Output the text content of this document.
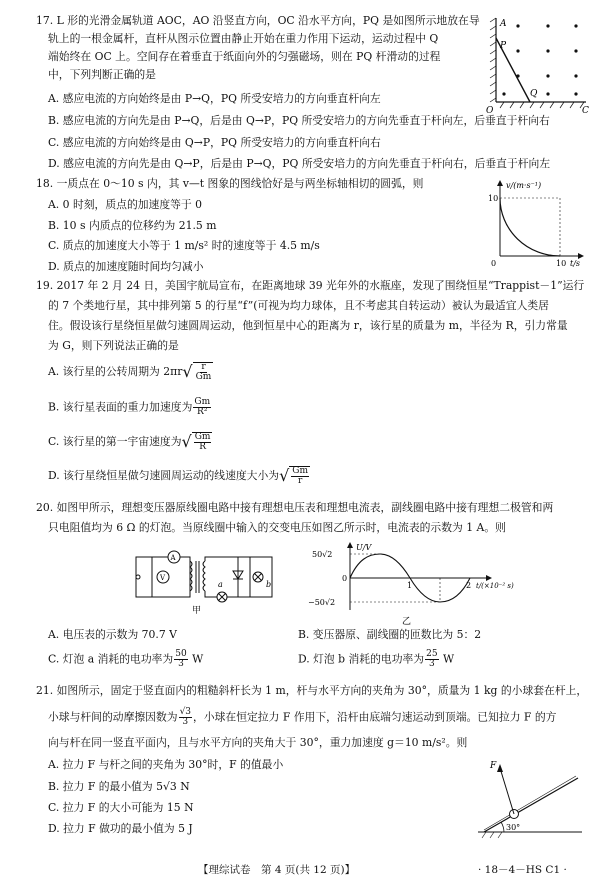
17. L 形的光滑金属轨道 AOC，AO 沿竖直方向，OC 沿水平方向，PQ 是如图所示地放在导
轨上的一根金属杆，直杆从图示位置由静止开始在重力作用下运动，运动过程中 Q
端始终在 OC 上。空间存在着垂直于纸面向外的匀强磁场，则在 PQ 杆滑动的过程
中，下列判断正确的是
A. 感应电流的方向始终是由 P→Q，PQ 所受安培力的方向垂直杆向左
B. 感应电流的方向先是由 P→Q，后是由 Q→P，PQ 所受安培力的方向先垂直于杆向左，后垂直于杆向右
C. 感应电流的方向始终是由 Q→P，PQ 所受安培力的方向垂直杆向右
D. 感应电流的方向先是由 Q→P，后是由 P→Q，PQ 所受安培力的方向先垂直于杆向右，后垂直于杆向左
A
P
Q
O	C
18. 一质点在 0～10 s 内，其 v—t 图象的图线恰好是与两坐标轴相切的圆弧，则
A. 0 时刻，质点的加速度等于 0
B. 10 s 内质点的位移约为 21.5 m
C. 质点的加速度大小等于 1 m/s² 时的速度等于 4.5 m/s
D. 质点的加速度随时间均匀减小
v/(m·s⁻¹)
10
10 t/s
0
19. 2017 年 2 月 24 日，美国宇航局宣布，在距离地球 39 光年外的水瓶座，发现了围绕恒星“Trappist－1”运行
的 7 个类地行星，其中排列第 5 的行星“f”(可视为均力球体，且不考虑其自转运动）被认为最适宜人类居
住。假设该行星绕恒星做匀速圆周运动，他到恒星中心的距离为 r，该行星的质量为 m，半径为 R，引力常量
为 G，则下列说法正确的是
A. 该行星的公转周期为 2πr √ $\frac{r}{Gm}$
B. 该行星表面的重力加速度为 $\frac{Gm}{\text{R²}}$
C. 该行星的第一宇宙速度为 √ $\frac{Gm}{R}$
D. 该行星绕恒星做匀速圆周运动的线速度大小为 √ $\frac{Gm}{r}$
20. 如图甲所示，理想变压器原线圈电路中接有理想电压表和理想电流表，副线圈电路中接有理想二极管和两
只电阻值均为 6 Ω 的灯泡。当原线圈中输入的交变电压如图乙所示时，电流表的示数为 1 A。则
A
V
a	b
甲
U/V
50√2
−50√2
0
1	2 t/(×10⁻² s)
乙
A. 电压表的示数为 70.7 V	B. 变压器原、副线圈的匝数比为 5：2
C. 灯泡 a 消耗的电功率为 $\frac{50}{3}$ W	D. 灯泡 b 消耗的电功率为 $\frac{25}{3}$ W
21. 如图所示，固定于竖直面内的粗糙斜杆长为 1 m，杆与水平方向的夹角为 30°，质量为 1 kg 的小球套在杆上，
小球与杆间的动摩擦因数为 $\frac{√3}{3}$ ，小球在恒定拉力 F 作用下，沿杆由底端匀速运动到顶端。已知拉力 F 的方
向与杆在同一竖直平面内，且与水平方向的夹角大于 30°，重力加速度 g＝10 m/s²。则
A. 拉力 F 与杆之间的夹角为 30°时，F 的值最小
B. 拉力 F 的最小值为 5√3 N
C. 拉力 F 的大小可能为 15 N
D. 拉力 F 做功的最小值为 5 J
F
30°
【理综试卷　第 4 页(共 12 页)】	· 18－4－HS C1 ·
